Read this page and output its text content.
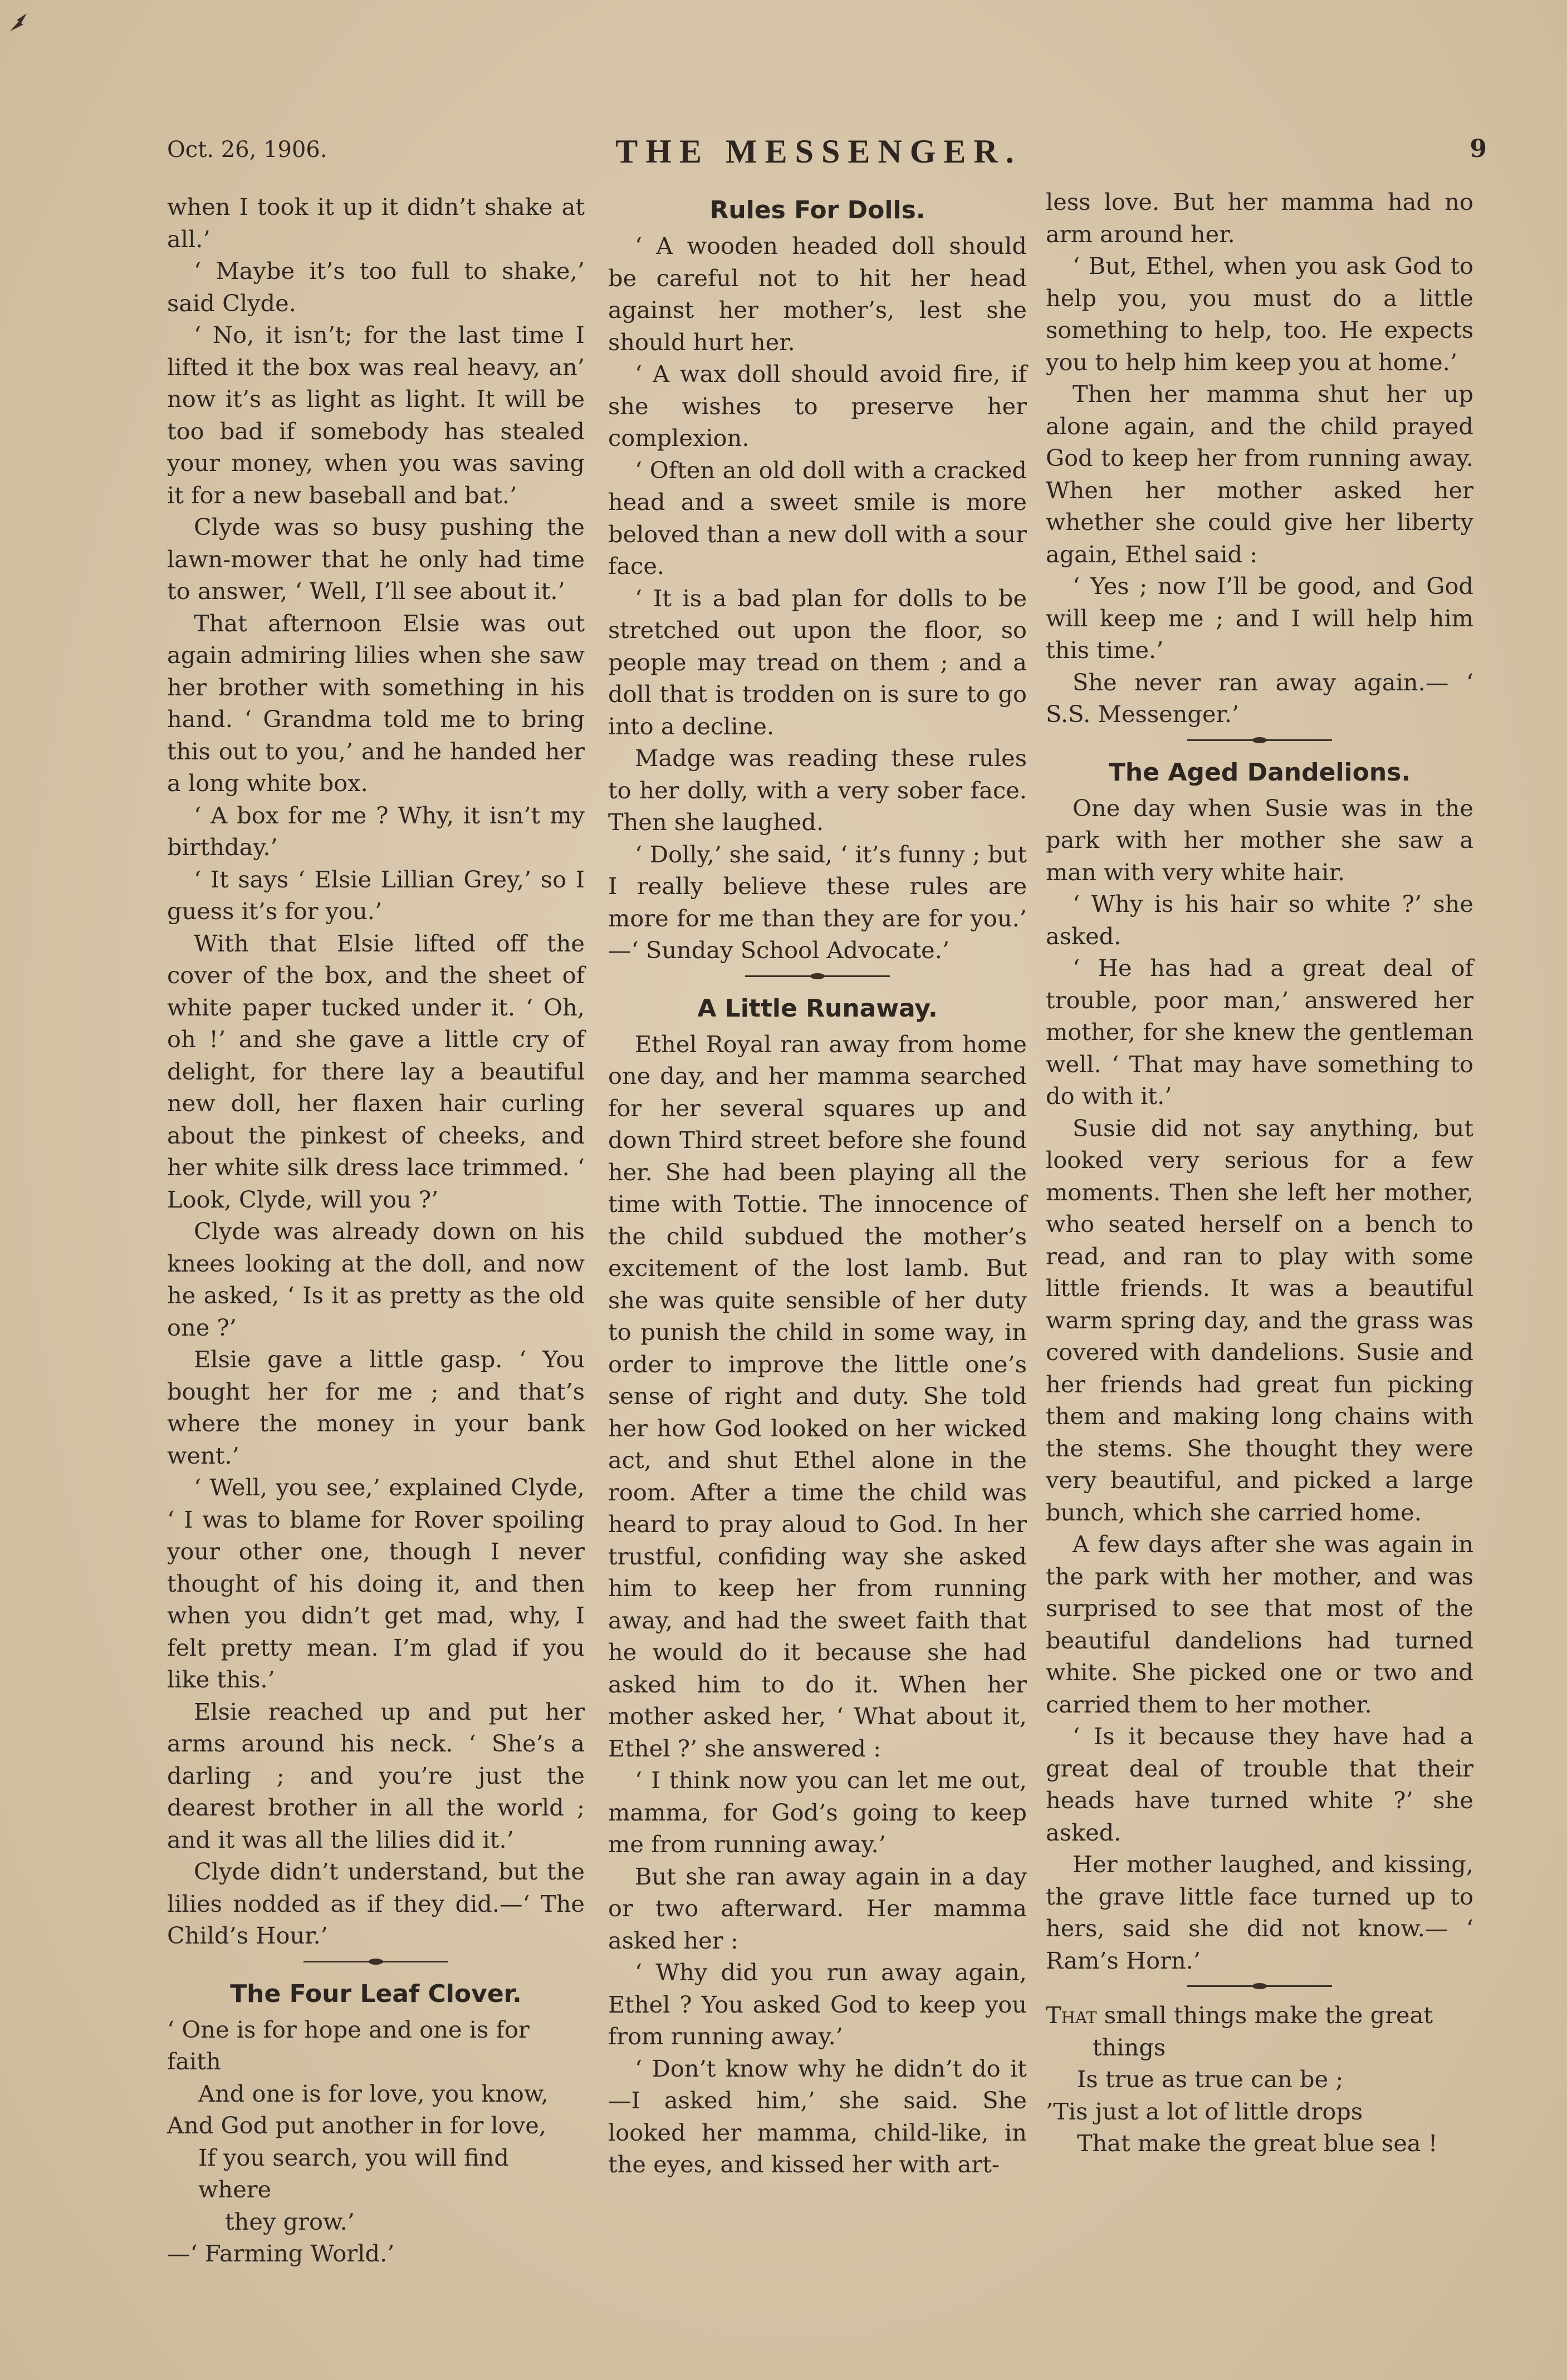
Oct. 26, 1906.	THE MESSENGER.	9

when I took it up it didn’t shake at all.’

‘ Maybe it’s too full to shake,’ said Clyde.

‘ No, it isn’t; for the last time I lifted it the box was real heavy, an’ now it’s as light as light. It will be too bad if somebody has stealed your money, when you was saving it for a new baseball and bat.’

Clyde was so busy pushing the lawn-mower that he only had time to answer, ‘ Well, I’ll see about it.’

That afternoon Elsie was out again admiring lilies when she saw her brother with something in his hand. ‘ Grandma told me to bring this out to you,’ and he handed her a long white box.

‘ A box for me ? Why, it isn’t my birthday.’

‘ It says ‘ Elsie Lillian Grey,’ so I guess it’s for you.’

With that Elsie lifted off the cover of the box, and the sheet of white paper tucked under it. ‘ Oh, oh !’ and she gave a little cry of delight, for there lay a beautiful new doll, her flaxen hair curling about the pinkest of cheeks, and her white silk dress lace trimmed. ‘ Look, Clyde, will you ?’

Clyde was already down on his knees looking at the doll, and now he asked, ‘ Is it as pretty as the old one ?’

Elsie gave a little gasp. ‘ You bought her for me ; and that’s where the money in your bank went.’

‘ Well, you see,’ explained Clyde, ‘ I was to blame for Rover spoiling your other one, though I never thought of his doing it, and then when you didn’t get mad, why, I felt pretty mean. I’m glad if you like this.’

Elsie reached up and put her arms around his neck. ‘ She’s a darling ; and you’re just the dearest brother in all the world ; and it was all the lilies did it.’

Clyde didn’t understand, but the lilies nodded as if they did.—‘ The Child’s Hour.’

The Four Leaf Clover.

‘ One is for hope and one is for faith

And one is for love, you know,

And God put another in for love,

If you search, you will find where

they grow.’

—‘ Farming World.’

Rules For Dolls.

‘ A wooden headed doll should be careful not to hit her head against her mother’s, lest she should hurt her.

‘ A wax doll should avoid fire, if she wishes to preserve her complexion.

‘ Often an old doll with a cracked head and a sweet smile is more beloved than a new doll with a sour face.

‘ It is a bad plan for dolls to be stretched out upon the floor, so people may tread on them ; and a doll that is trodden on is sure to go into a decline.

Madge was reading these rules to her dolly, with a very sober face. Then she laughed.

‘ Dolly,’ she said, ‘ it’s funny ; but I really believe these rules are more for me than they are for you.’ —‘ Sunday School Advocate.’

A Little Runaway.

Ethel Royal ran away from home one day, and her mamma searched for her several squares up and down Third street before she found her. She had been playing all the time with Tottie. The innocence of the child subdued the mother’s excitement of the lost lamb. But she was quite sensible of her duty to punish the child in some way, in order to improve the little one’s sense of right and duty. She told her how God looked on her wicked act, and shut Ethel alone in the room. After a time the child was heard to pray aloud to God. In her trustful, confiding way she asked him to keep her from running away, and had the sweet faith that he would do it because she had asked him to do it. When her mother asked her, ‘ What about it, Ethel ?’ she answered :

‘ I think now you can let me out, mamma, for God’s going to keep me from running away.’

But she ran away again in a day or two afterward. Her mamma asked her :

‘ Why did you run away again, Ethel ? You asked God to keep you from running away.’

‘ Don’t know why he didn’t do it —I asked him,’ she said. She looked her mamma, child-like, in the eyes, and kissed her with art-

less love. But her mamma had no arm around her.

‘ But, Ethel, when you ask God to help you, you must do a little something to help, too. He expects you to help him keep you at home.’

Then her mamma shut her up alone again, and the child prayed God to keep her from running away. When her mother asked her whether she could give her liberty again, Ethel said :

‘ Yes ; now I’ll be good, and God will keep me ; and I will help him this time.’

She never ran away again.— ‘ S.S. Messenger.’

The Aged Dandelions.

One day when Susie was in the park with her mother she saw a man with very white hair.

‘ Why is his hair so white ?’ she asked.

‘ He has had a great deal of trouble, poor man,’ answered her mother, for she knew the gentleman well. ‘ That may have something to do with it.’

Susie did not say anything, but looked very serious for a few moments. Then she left her mother, who seated herself on a bench to read, and ran to play with some little friends. It was a beautiful warm spring day, and the grass was covered with dandelions. Susie and her friends had great fun picking them and making long chains with the stems. She thought they were very beautiful, and picked a large bunch, which she carried home.

A few days after she was again in the park with her mother, and was surprised to see that most of the beautiful dandelions had turned white. She picked one or two and carried them to her mother.

‘ Is it because they have had a great deal of trouble that their heads have turned white ?’ she asked.

Her mother laughed, and kissing, the grave little face turned up to hers, said she did not know.— ‘ Ram’s Horn.’

That small things make the great

things

Is true as true can be ;

’Tis just a lot of little drops

That make the great blue sea !
